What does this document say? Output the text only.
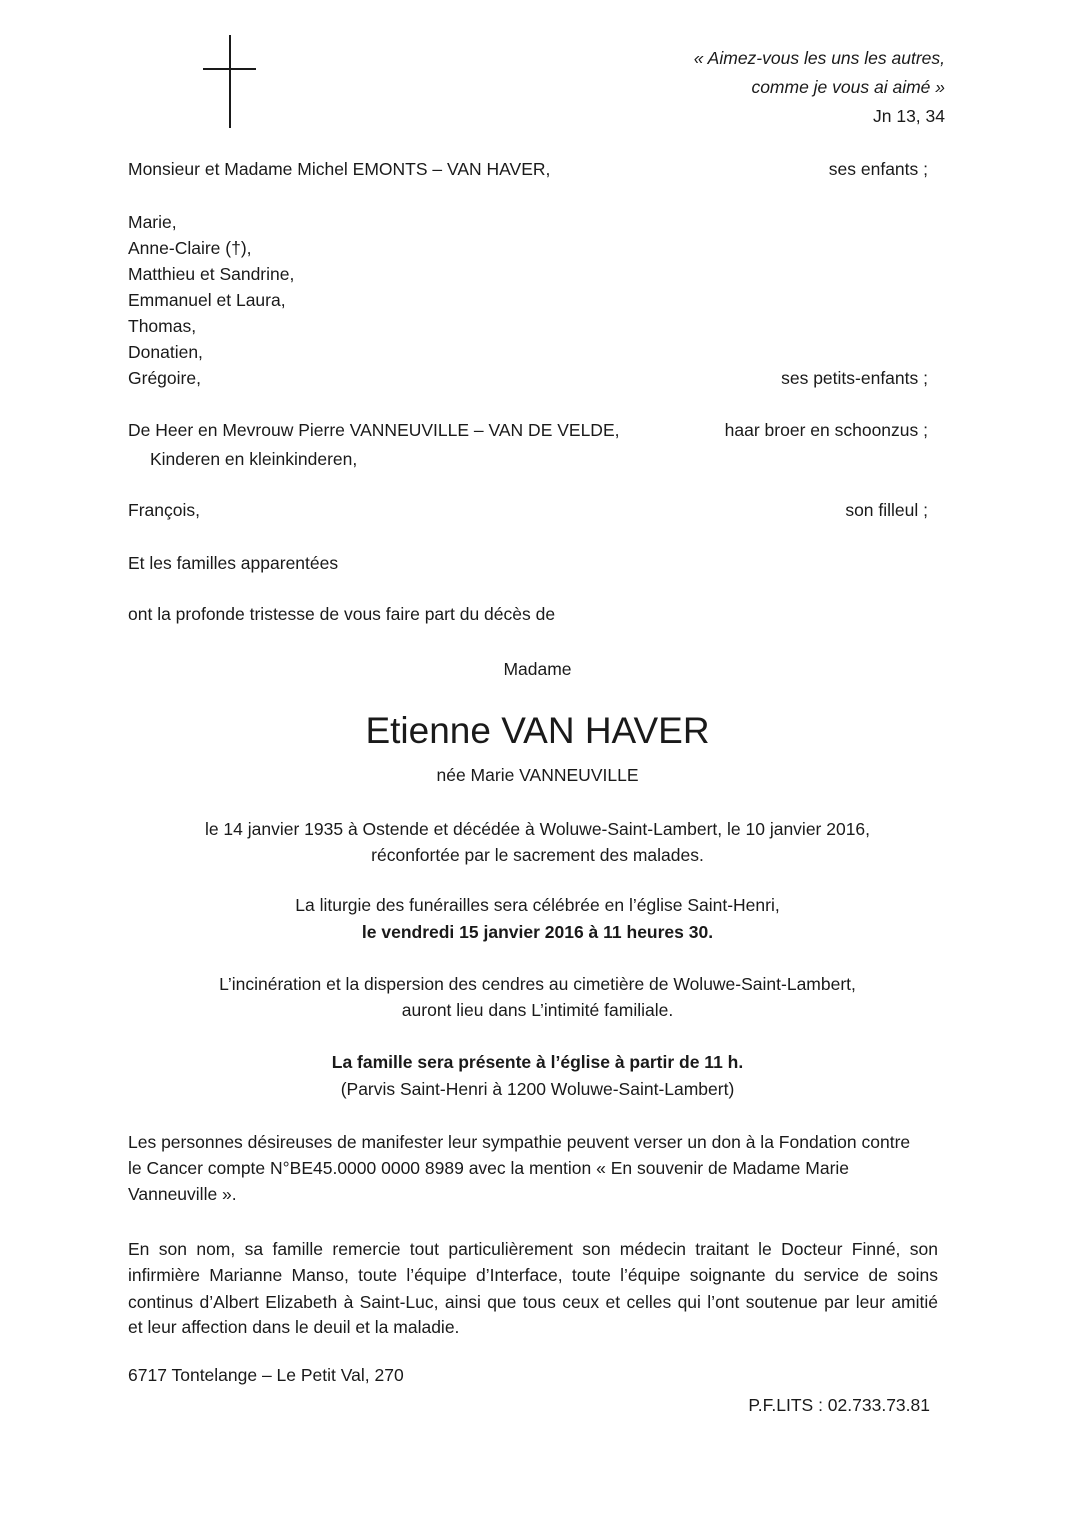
« Aimez-vous les uns les autres,
comme je vous ai aimé »
Jn 13, 34
Monsieur et Madame Michel EMONTS – VAN HAVER,	ses enfants ;
Marie,
Anne-Claire (†),
Matthieu et Sandrine,
Emmanuel et Laura,
Thomas,
Donatien,
Grégoire,	ses petits-enfants ;
De Heer en Mevrouw Pierre VANNEUVILLE – VAN DE VELDE,	haar broer en schoonzus ;
Kinderen en kleinkinderen,
François,	son filleul ;
Et les familles apparentées
ont la profonde tristesse de vous faire part du décès de
Madame
Etienne VAN HAVER
née Marie VANNEUVILLE
le 14 janvier 1935 à Ostende et décédée à Woluwe-Saint-Lambert, le 10 janvier 2016,
réconfortée par le sacrement des malades.
La liturgie des funérailles sera célébrée en l’église Saint-Henri,
le vendredi 15 janvier 2016 à 11 heures 30.
L’incinération et la dispersion des cendres au cimetière de Woluwe-Saint-Lambert,
auront lieu dans L’intimité familiale.
La famille sera présente à l’église à partir de 11 h.
(Parvis Saint-Henri à 1200 Woluwe-Saint-Lambert)
Les personnes désireuses de manifester leur sympathie peuvent verser un don à la Fondation contre
le Cancer compte N°BE45.0000 0000 8989 avec la mention « En souvenir de Madame Marie
Vanneuville ».
En son nom, sa famille remercie tout particulièrement son médecin traitant le Docteur Finné, son
infirmière Marianne Manso, toute l’équipe d’Interface, toute l’équipe soignante du service de soins
continus d’Albert Elizabeth à Saint-Luc, ainsi que tous ceux et celles qui l’ont soutenue par leur amitié
et leur affection dans le deuil et la maladie.
6717 Tontelange – Le Petit Val, 270
P.F.LITS : 02.733.73.81
